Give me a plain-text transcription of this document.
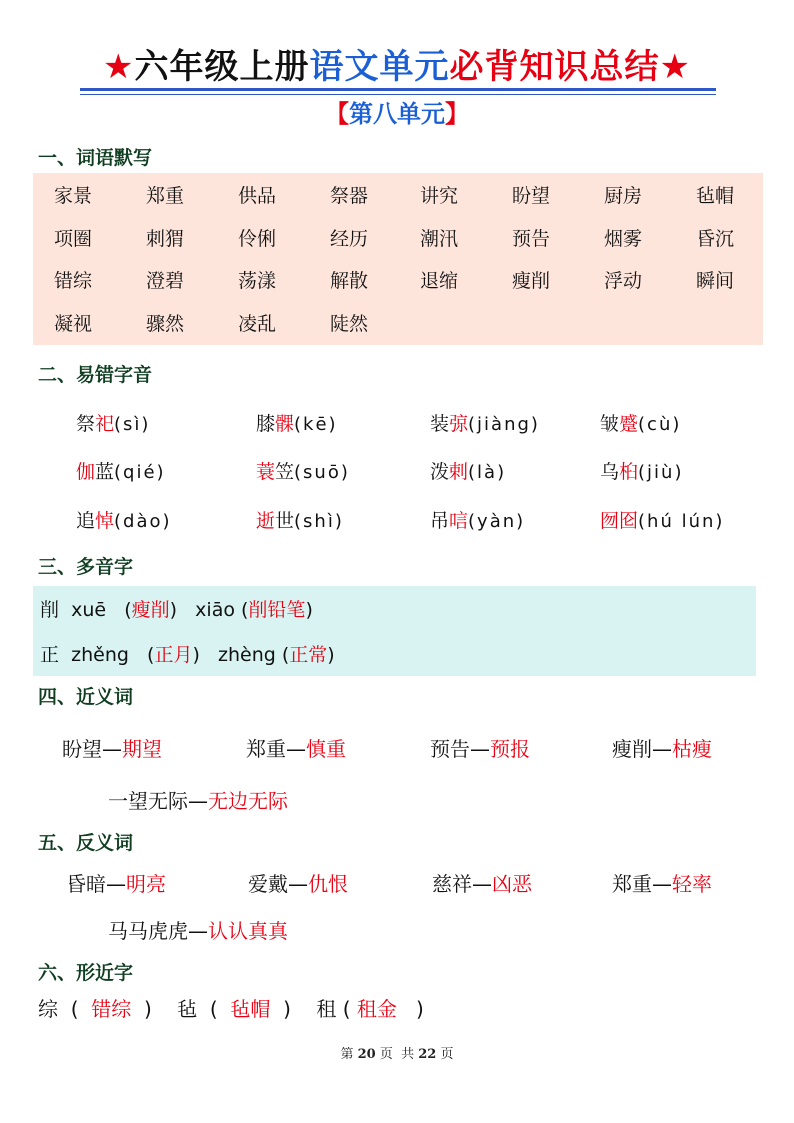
★六年级上册语文单元必背知识总结★
【第八单元】
一、词语默写
家景	郑重	供品	祭器	讲究	盼望	厨房	毡帽
项圈	刺猬	伶俐	经历	潮汛	预告	烟雾	昏沉
错综	澄碧	荡漾	解散	退缩	瘦削	浮动	瞬间
凝视	骤然	凌乱	陡然
二、易错字音
祭祀(sì)	膝髁(kē)	装弶(jiàng)	皱蹙(cù)
伽蓝(qié)	蓑笠(suō)	泼剌(là)	乌桕(jiù)
追悼(dào)	逝世(shì)	吊唁(yàn)	囫囵(hú lún)
三、多音字
削 xuē   (瘦削)   xiāo (削铅笔)
正 zhěng   (正月)   zhèng (正常)
四、近义词
盼望—期望	郑重—慎重	预告—预报	瘦削—枯瘦
一望无际—无边无际
五、反义词
昏暗—明亮	爱戴—仇恨	慈祥—凶恶	郑重—轻率
马马虎虎—认认真真
六、形近字
综  (  错综  )    毡  (  毡帽  )    租 ( 租金   )
第 20 页  共 22 页
